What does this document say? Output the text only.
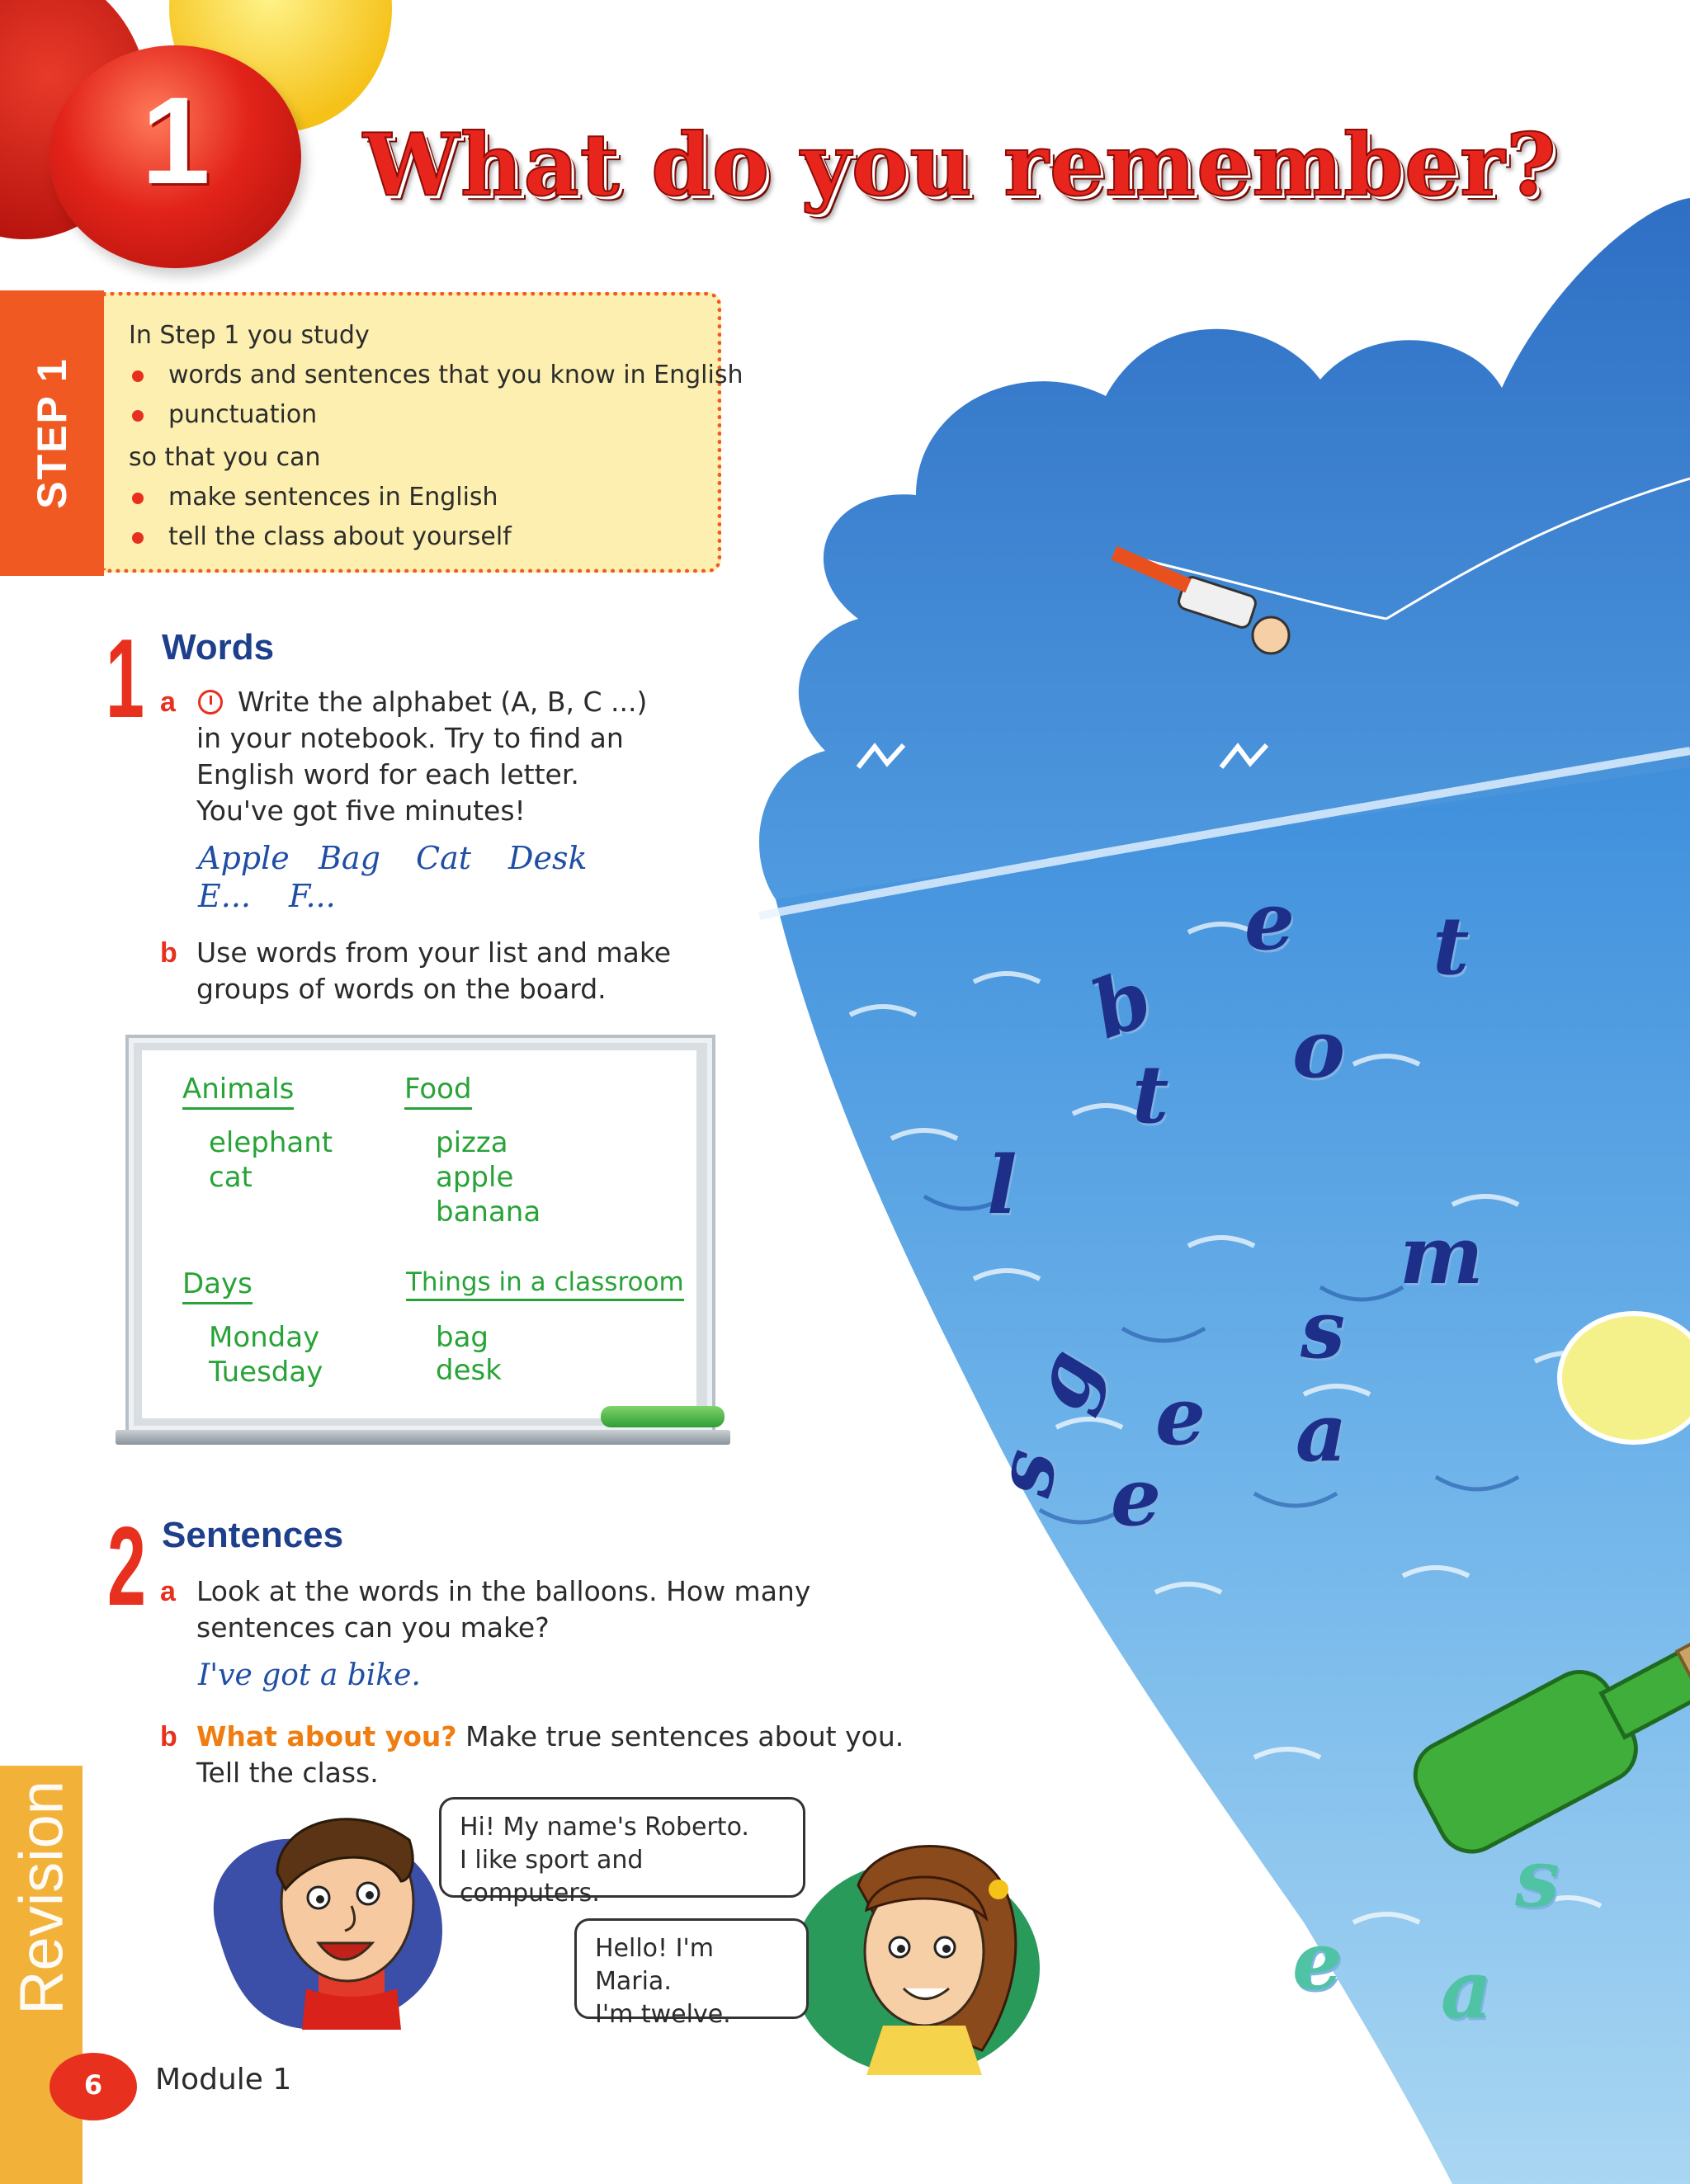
1 What do you remember?
STEP 1
In Step 1 you study
words and sentences that you know in English
punctuation
so that you can
make sentences in English
tell the class about yourself
1 Words
a Write the alphabet (A, B, C ...)
in your notebook. Try to find an
English word for each letter.
You've got five minutes!
Apple Bag Cat Desk
E... F...
b Use words from your list and make
groups of words on the board.
Animals
elephant
cat
Food
pizza
apple
banana
Days
Monday
Tuesday
Things in a classroom
bag
desk
2 Sentences
a Look at the words in the balloons. How many
sentences can you make?
I've got a bike.
b What about you? Make true sentences about you.
Tell the class.
Hi! My name's Roberto.
I like sport and computers.
Hello! I'm Maria.
I'm twelve.
e t
b o
t
l
m
s
g e a
s e
s
e a
Revision
6	Module 1
